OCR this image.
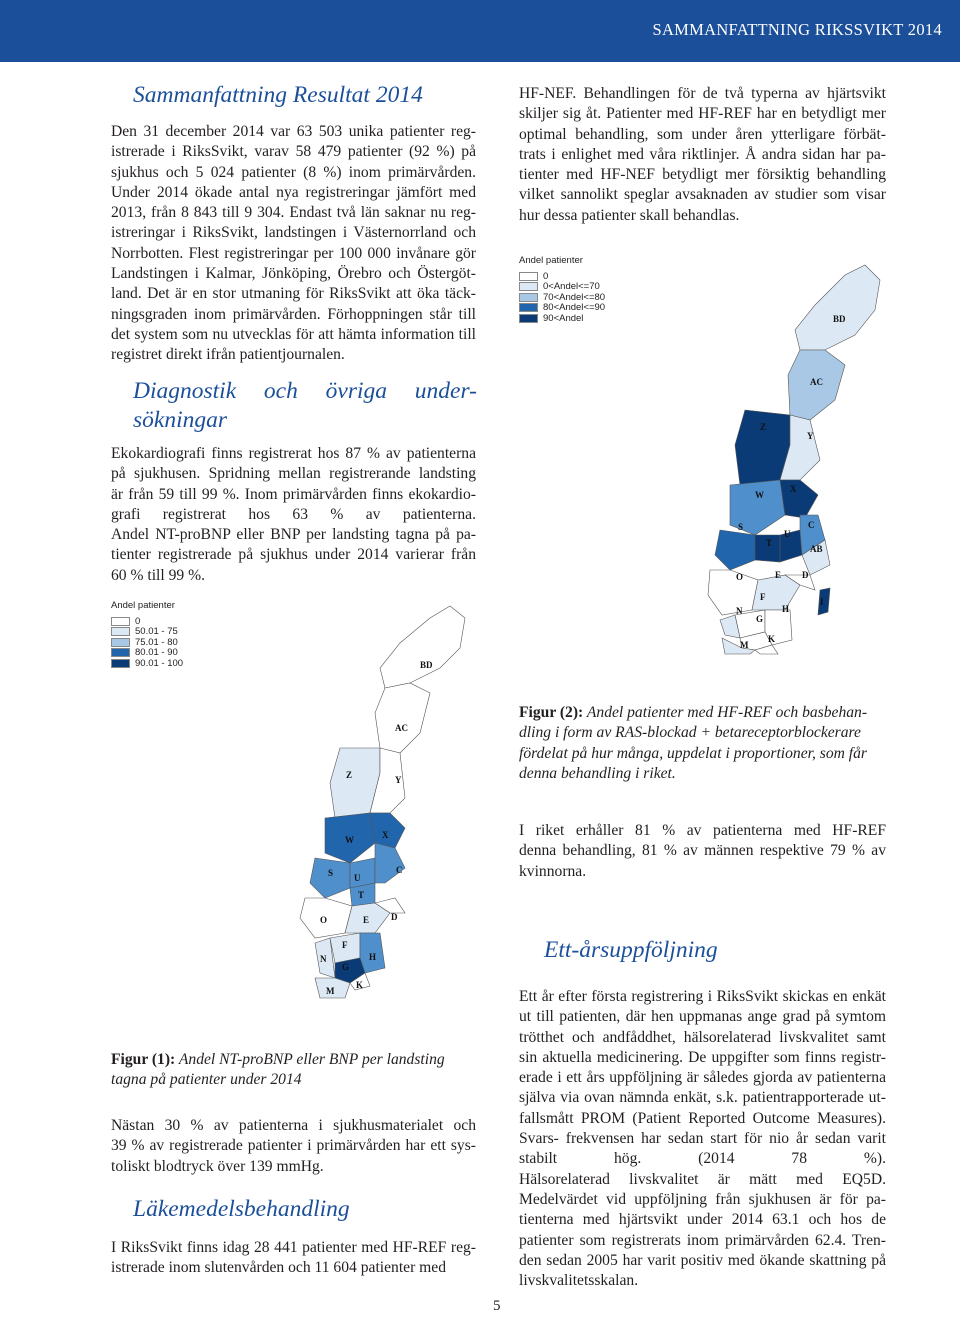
SAMMANFATTNING RIKSSVIKT 2014
Sammanfattning Resultat 2014
Den 31 december 2014 var 63 503 unika patienter reg-
istrerade i RiksSvikt, varav 58 479 patienter (92 %) på
sjukhus och 5 024 patienter (8 %) inom primärvården.
Under 2014 ökade antal nya registreringar jämfört med
2013, från 8 843 till 9 304. Endast två län saknar nu reg-
istreringar i RiksSvikt, landstingen i Västernorrland och
Norrbotten. Flest registreringar per 100 000 invånare gör
Landstingen i Kalmar, Jönköping, Örebro och Östergöt-
land. Det är en stor utmaning för RiksSvikt att öka täck-
ningsgraden inom primärvården. Förhoppningen står till
det system som nu utvecklas för att hämta information till
registret direkt ifrån patientjournalen.
Diagnostik och övriga under-
sökningar
Ekokardiografi finns registrerat hos 87 % av patienterna
på sjukhusen. Spridning mellan registrerande landsting
är från 59 till 99 %. Inom primärvården finns ekokardio-
grafi registrerat hos 63 % av patienterna.
Andel NT-proBNP eller BNP per landsting tagna på pa-
tienter registrerade på sjukhus under 2014 varierar från
60 % till 99 %.
Andel patienter
0
50.01 - 75
75.01 - 80
80.01 - 90
90.01 - 100	BD
AC
Z	Y
W	X
S U
C
T
O	E D
F
H
G
N
K
M
Figur (1): Andel NT-proBNP eller BNP per landsting tagna på patienter under 2014
Nästan 30 % av patienterna i sjukhusmaterialet och
39 % av registrerade patienter i primärvården har ett sys-
toliskt blodtryck över 139 mmHg.
Läkemedelsbehandling
I RiksSvikt finns idag 28 441 patienter med HF-REF reg-
istrerade inom slutenvården och 11 604 patienter med
HF-NEF. Behandlingen för de två typerna av hjärtsvikt
skiljer sig åt. Patienter med HF-REF har en betydligt mer
optimal behandling, som under åren ytterligare förbät-
trats i enlighet med våra riktlinjer. Å andra sidan har pa-
tienter med HF-NEF betydligt mer försiktig behandling
vilket sannolikt speglar avsaknaden av studier som visar
hur dessa patienter skall behandlas.
Andel patienter
0
0<Andel<=70
70<Andel<=80
80<Andel<=90
90<Andel	BD
AC
Z
Y
W
X
S	C
T
U
AB
O	E D
F
H
I
N
G
K
M
Figur (2): Andel patienter med HF-REF och basbehan-
dling i form av RAS-blockad + betareceptorblockerare
fördelat på hur många, uppdelat i proportioner, som får
denna behandling i riket.
I riket erhåller 81 % av patienterna med HF-REF
denna behandling, 81 % av männen respektive 79 % av
kvinnorna.
Ett-årsuppföljning
Ett år efter första registrering i RiksSvikt skickas en enkät
ut till patienten, där hen uppmanas ange grad på symtom
trötthet och andfåddhet, hälsorelaterad livskvalitet samt
sin aktuella medicinering. De uppgifter som finns registr-
erade i ett års uppföljning är således gjorda av patienterna
själva via ovan nämnda enkät, s.k. patientrapporterade ut-
fallsmått PROM (Patient Reported Outcome Measures).
Svars- frekvensen har sedan start för nio år sedan varit
stabilt hög. (2014 78 %).
Hälsorelaterad livskvalitet är mätt med EQ5D.
Medelvärdet vid uppföljning från sjukhusen är för pa-
tienterna med hjärtsvikt under 2014 63.1 och hos de
patienter som registrerats inom primärvården 62.4. Tren-
den sedan 2005 har varit positiv med ökande skattning på
livskvalitetsskalan.
5
